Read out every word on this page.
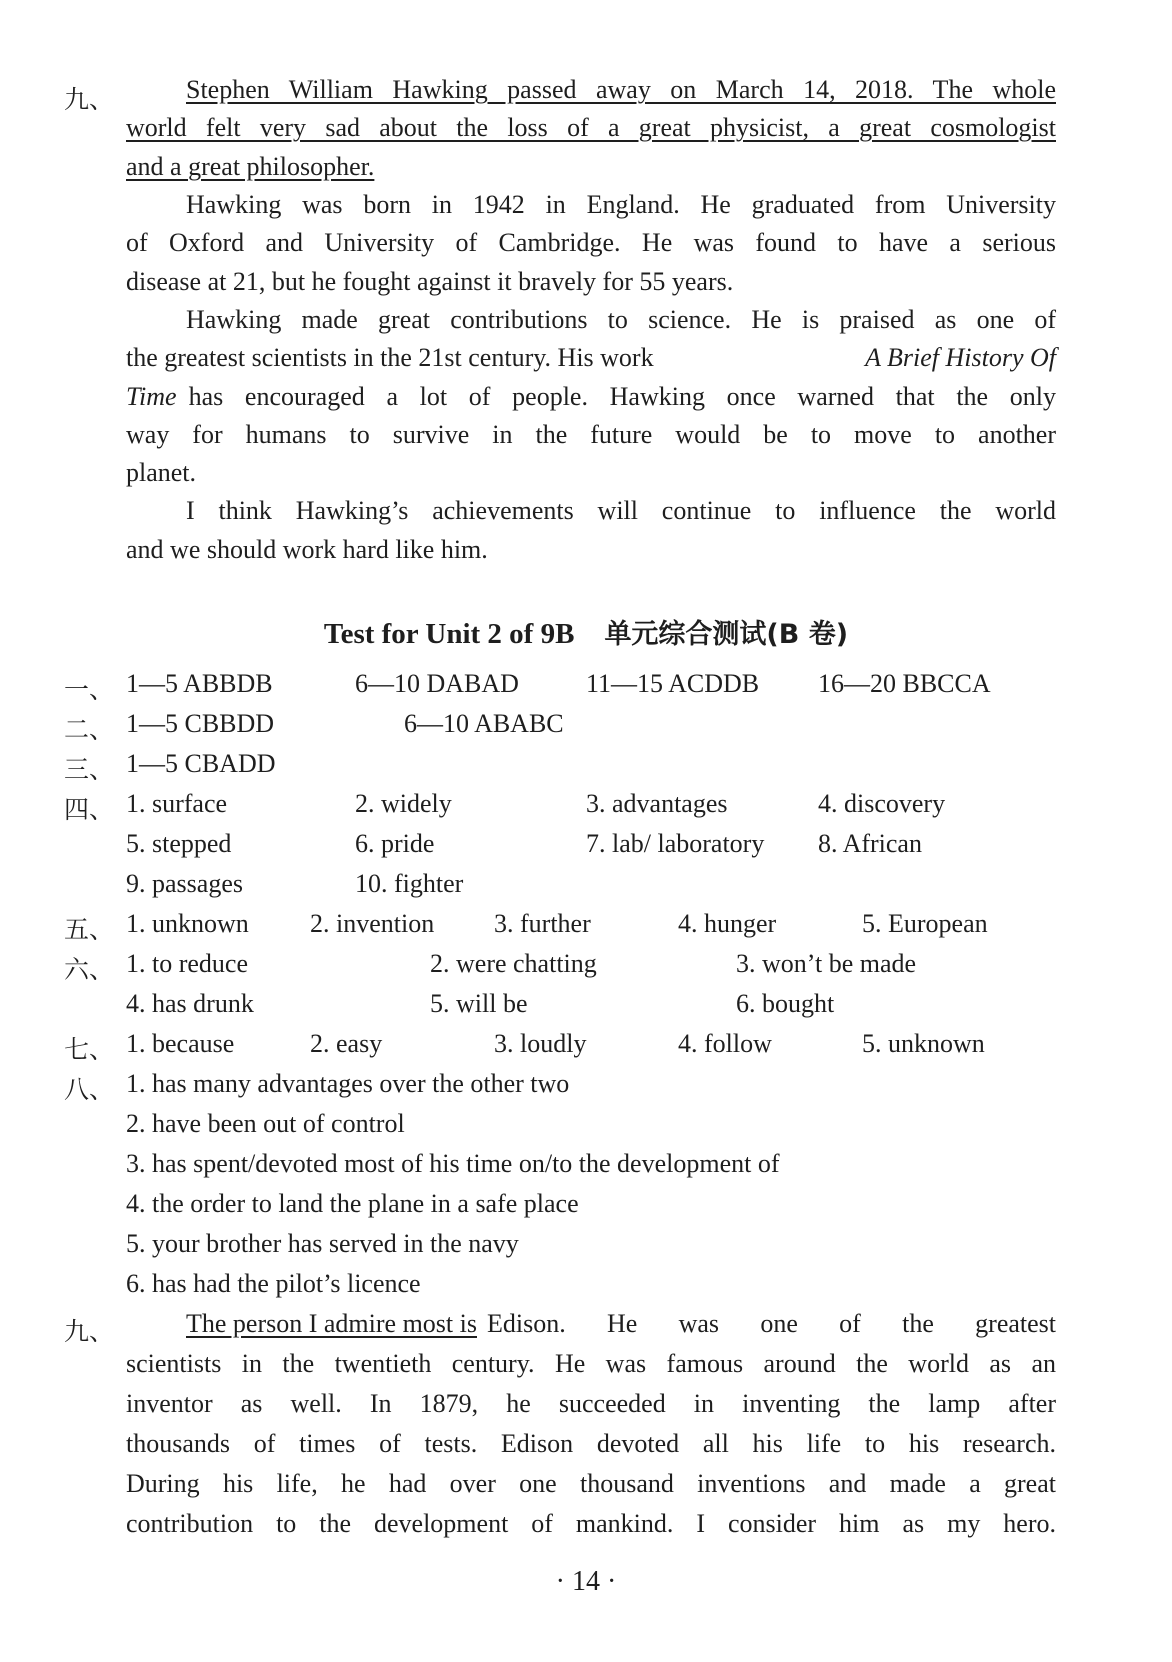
九、	Stephen William Hawking passed away on March 14, 2018. The whole
world felt very sad about the loss of a great physicist, a great cosmologist
and a great philosopher.
Hawking was born in 1942 in England. He graduated from University
of Oxford and University of Cambridge. He was found to have a serious
disease at 21, but he fought against it bravely for 55 years.
Hawking made great contributions to science. He is praised as one of
the greatest scientists in the 21st century. His work	A Brief History Of
Time has encouraged a lot of people. Hawking once warned that the only
way for humans to survive in the future would be to move to another
planet.
I think Hawking’s achievements will continue to influence the world
and we should work hard like him.
Test for Unit 2 of 9B 单元综合测试(B 卷)
一、 1—5 ABBDB	6—10 DABAD	11—15 ACDDB 16—20 BBCCA
二、 1—5 CBBDD	6—10 ABABC
三、 1—5 CBADD
四、 1. surface	2. widely	3. advantages	4. discovery
5. stepped	6. pride	7. lab/ laboratory 8. African
9. passages	10. fighter
五、 1. unknown 2. invention 3. further	4. hunger	5. European
六、 1. to reduce	2. were chatting	3. won’t be made
4. has drunk	5. will be	6. bought
七、 1. because	2. easy	3. loudly	4. follow	5. unknown
八、 1. has many advantages over the other two
2. have been out of control
3. has spent/devoted most of his time on/to the development of
4. the order to land the plane in a safe place
5. your brother has served in the navy
6. has had the pilot’s licence
九、	The person I admire most is Edison. He was one of the greatest
scientists in the twentieth century. He was famous around the world as an
inventor as well. In 1879, he succeeded in inventing the lamp after
thousands of times of tests. Edison devoted all his life to his research.
During his life, he had over one thousand inventions and made a great
contribution to the development of mankind. I consider him as my hero.
· 14 ·
